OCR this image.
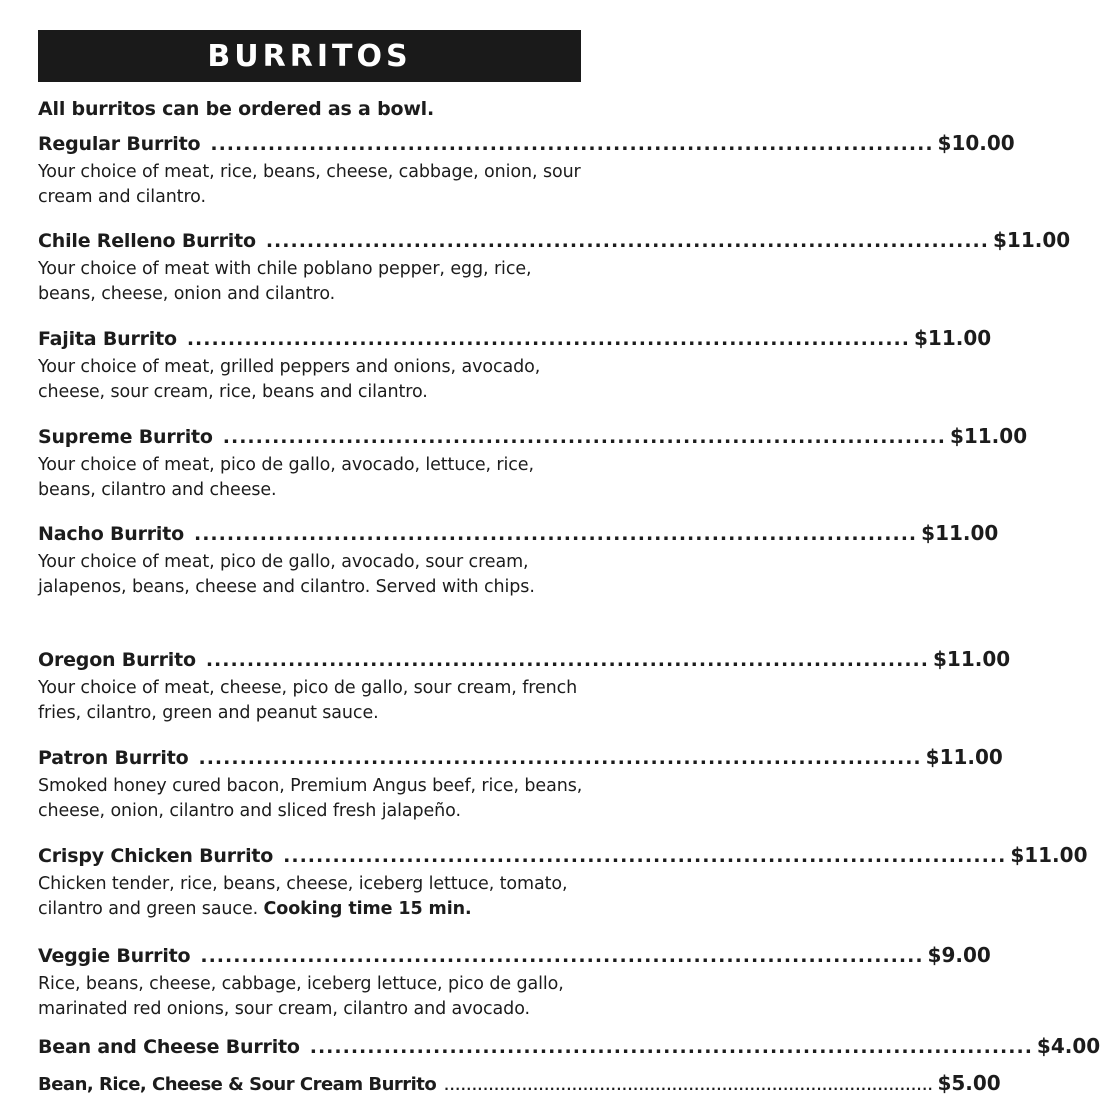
BURRITOS
All burritos can be ordered as a bowl.
Regular Burrito ........................................................................................ $10.00
Your choice of meat, rice, beans, cheese, cabbage, onion, sour cream and cilantro.
Chile Relleno Burrito ........................................................................................ $11.00
Your choice of meat with chile poblano pepper, egg, rice, beans, cheese, onion and cilantro.
Fajita Burrito ........................................................................................ $11.00
Your choice of meat, grilled peppers and onions, avocado, cheese, sour cream, rice, beans and cilantro.
Supreme Burrito ........................................................................................ $11.00
Your choice of meat, pico de gallo, avocado, lettuce, rice, beans, cilantro and cheese.
Nacho Burrito ........................................................................................ $11.00
Your choice of meat, pico de gallo, avocado, sour cream, jalapenos, beans, cheese and cilantro. Served with chips.
Oregon Burrito ........................................................................................ $11.00
Your choice of meat, cheese, pico de gallo, sour cream, french fries, cilantro, green and peanut sauce.
Patron Burrito ........................................................................................ $11.00
Smoked honey cured bacon, Premium Angus beef, rice, beans, cheese, onion, cilantro and sliced fresh jalapeño.
Crispy Chicken Burrito ........................................................................................ $11.00
Chicken tender, rice, beans, cheese, iceberg lettuce, tomato, cilantro and green sauce. Cooking time 15 min.
Veggie Burrito ........................................................................................ $9.00
Rice, beans, cheese, cabbage, iceberg lettuce, pico de gallo, marinated red onions, sour cream, cilantro and avocado.
Bean and Cheese Burrito ........................................................................................ $4.00
Bean, Rice, Cheese & Sour Cream Burrito ........................................................................................ $5.00
